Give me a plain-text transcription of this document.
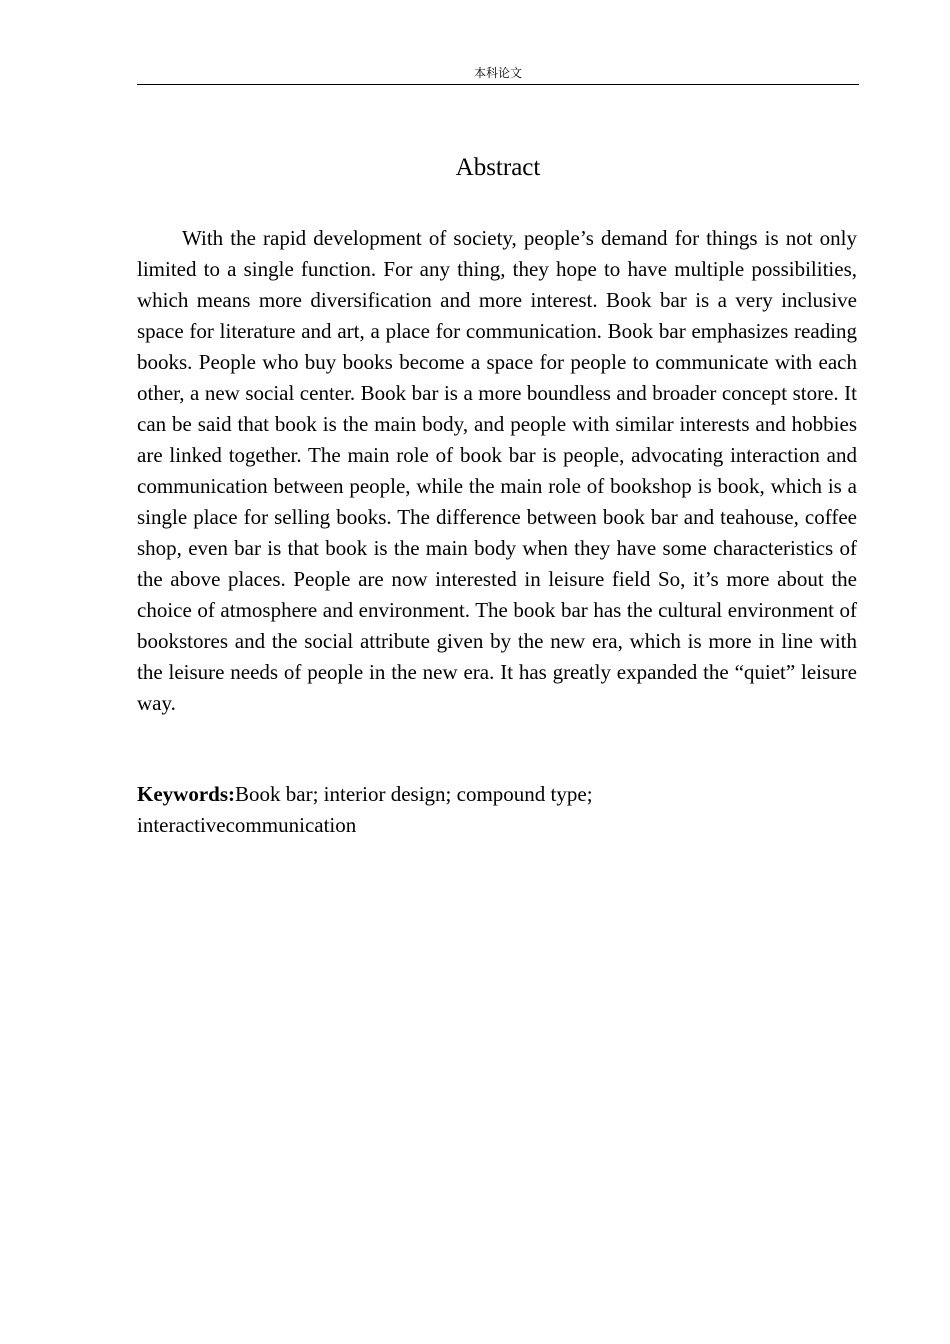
本科论文
Abstract

With the rapid development of society, people’s demand for things is not only limited to a single function. For any thing, they hope to have multiple possibilities, which means more diversification and more interest. Book bar is a very inclusive space for literature and art, a place for communication. Book bar emphasizes reading books. People who buy books become a space for people to communicate with each other, a new social center. Book bar is a more boundless and broader concept store. It can be said that book is the main body, and people with similar interests and hobbies are linked together. The main role of book bar is people, advocating interaction and communication between people, while the main role of bookshop is book, which is a single place for selling books. The difference between book bar and teahouse, coffee shop, even bar is that book is the main body when they have some characteristics of the above places. People are now interested in leisure field So, it’s more about the choice of atmosphere and environment. The book bar has the cultural environment of bookstores and the social attribute given by the new era, which is more in line with the leisure needs of people in the new era. It has greatly expanded the “quiet” leisure way.

Keywords:Book bar; interior design; compound type; interactivecommunication
